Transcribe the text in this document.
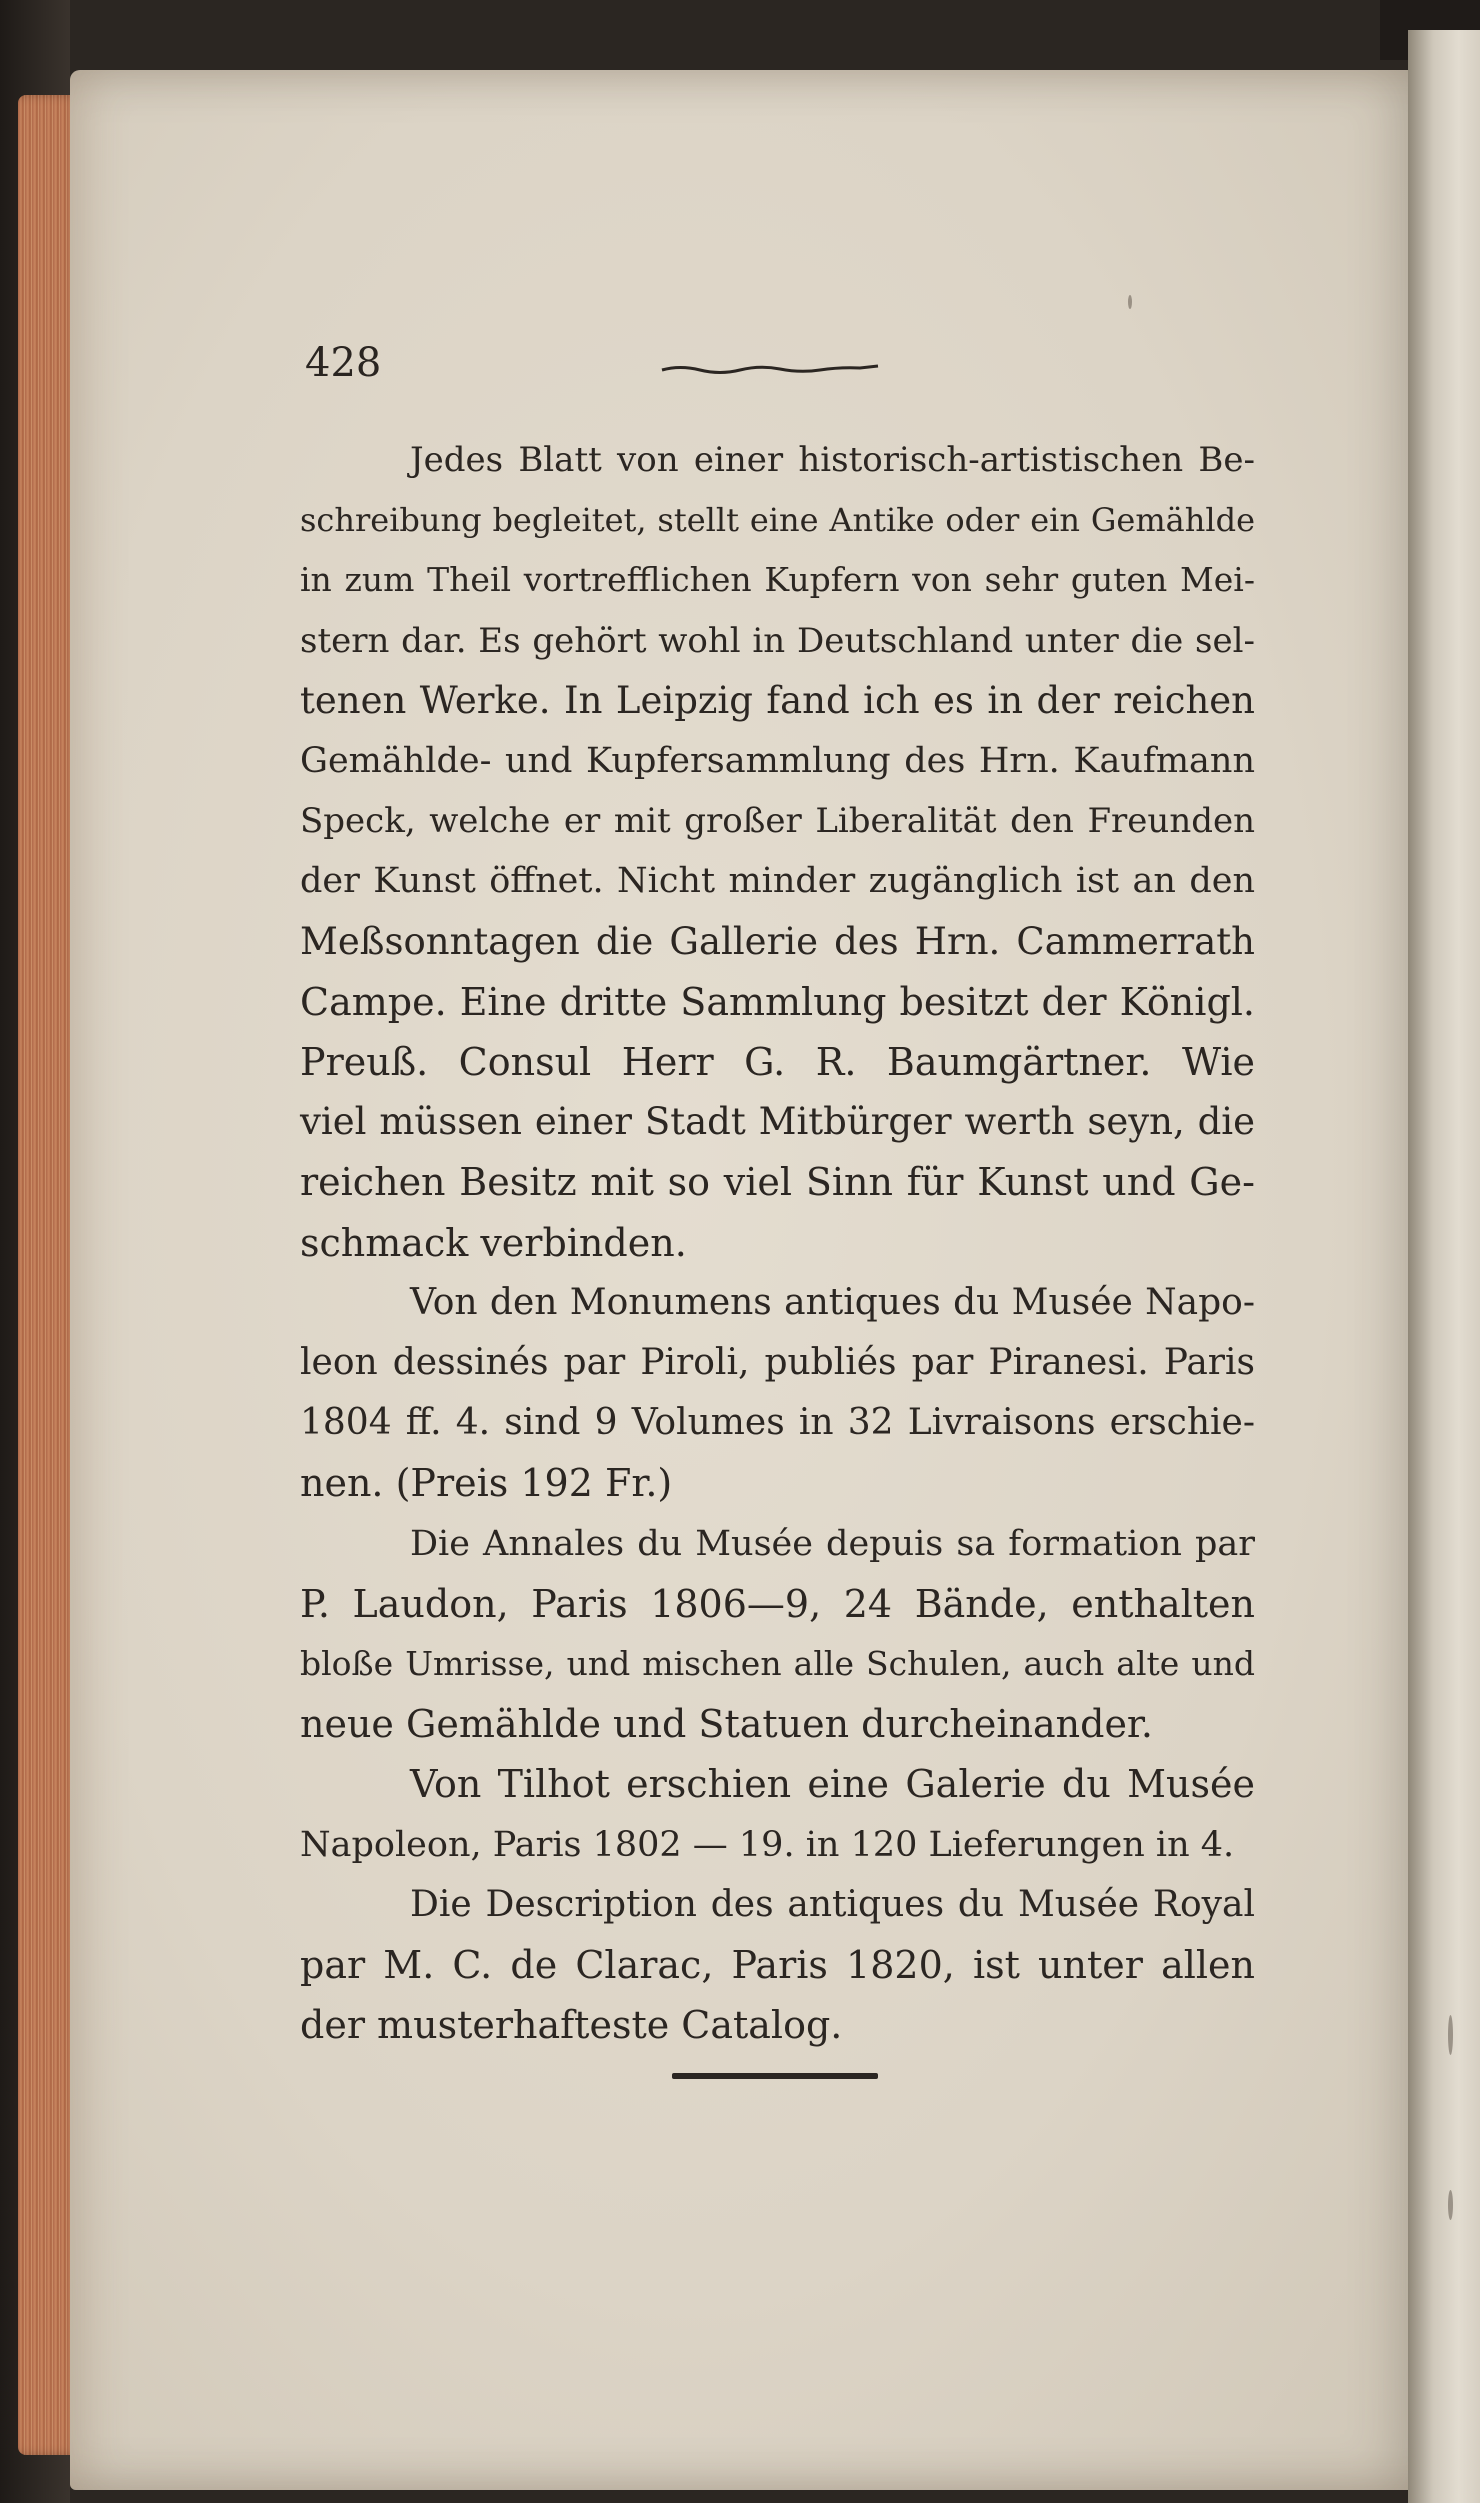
428

Jedes Blatt von einer historisch-artistischen Be-
schreibung begleitet, stellt eine Antike oder ein Gemählde
in zum Theil vortrefflichen Kupfern von sehr guten Mei-
stern dar. Es gehört wohl in Deutschland unter die sel-
tenen Werke. In Leipzig fand ich es in der reichen
Gemählde- und Kupfersammlung des Hrn. Kaufmann
Speck, welche er mit großer Liberalität den Freunden
der Kunst öffnet. Nicht minder zugänglich ist an den
Meßsonntagen die Gallerie des Hrn. Cammerrath
Campe. Eine dritte Sammlung besitzt der Königl.
Preuß. Consul Herr G. R. Baumgärtner. Wie
viel müssen einer Stadt Mitbürger werth seyn, die
reichen Besitz mit so viel Sinn für Kunst und Ge-
schmack verbinden.

Von den Monumens antiques du Musée Napo-
leon dessinés par Piroli, publiés par Piranesi. Paris
1804 ff. 4. sind 9 Volumes in 32 Livraisons erschie-
nen. (Preis 192 Fr.)

Die Annales du Musée depuis sa formation par
P. Laudon, Paris 1806—9, 24 Bände, enthalten
bloße Umrisse, und mischen alle Schulen, auch alte und
neue Gemählde und Statuen durcheinander.

Von Tilhot erschien eine Galerie du Musée
Napoleon, Paris 1802 — 19. in 120 Lieferungen in 4.

Die Description des antiques du Musée Royal
par M. C. de Clarac, Paris 1820, ist unter allen
der musterhafteste Catalog.
